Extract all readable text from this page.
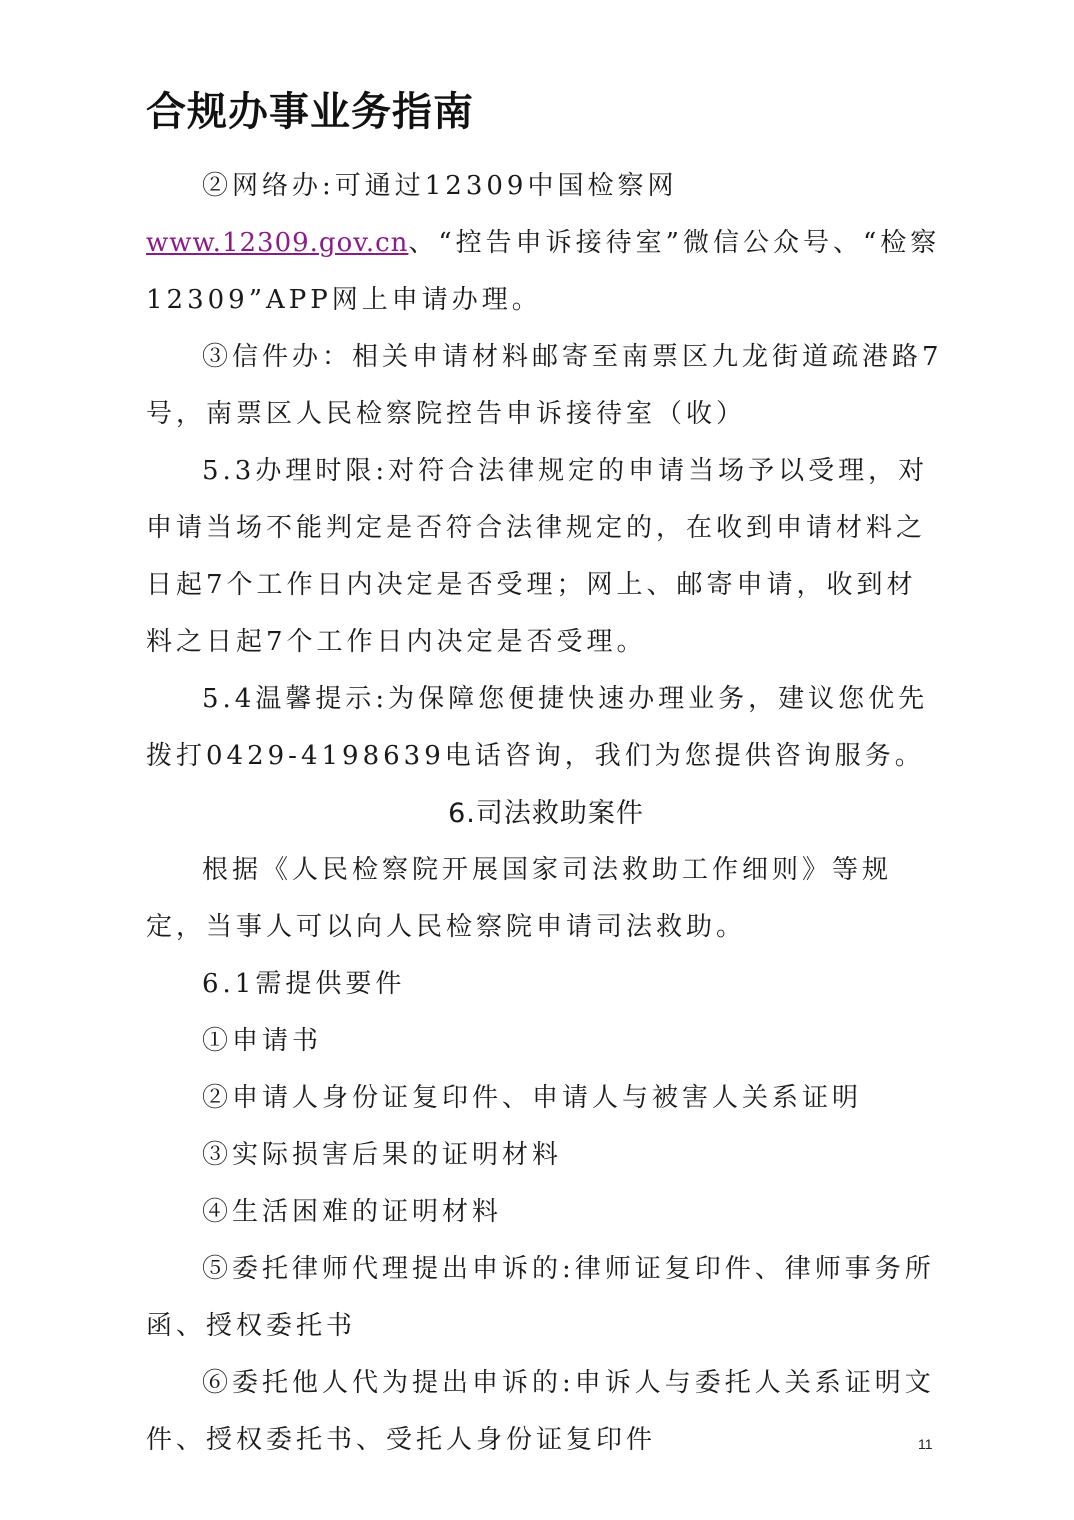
合规办事业务指南

②网络办:可通过12309中国检察网www.12309.gov.cn、“控告申诉接待室”微信公众号、“检察12309”APP网上申请办理。

③信件办：相关申请材料邮寄至南票区九龙街道疏港路7号，南票区人民检察院控告申诉接待室（收）

5.3办理时限:对符合法律规定的申请当场予以受理，对申请当场不能判定是否符合法律规定的，在收到申请材料之日起7个工作日内决定是否受理；网上、邮寄申请，收到材料之日起7个工作日内决定是否受理。

5.4温馨提示:为保障您便捷快速办理业务，建议您优先拨打0429-4198639电话咨询，我们为您提供咨询服务。

6.司法救助案件

根据《人民检察院开展国家司法救助工作细则》等规定，当事人可以向人民检察院申请司法救助。

6.1需提供要件

①申请书

②申请人身份证复印件、申请人与被害人关系证明

③实际损害后果的证明材料

④生活困难的证明材料

⑤委托律师代理提出申诉的:律师证复印件、律师事务所函、授权委托书

⑥委托他人代为提出申诉的:申诉人与委托人关系证明文件、授权委托书、受托人身份证复印件	11
